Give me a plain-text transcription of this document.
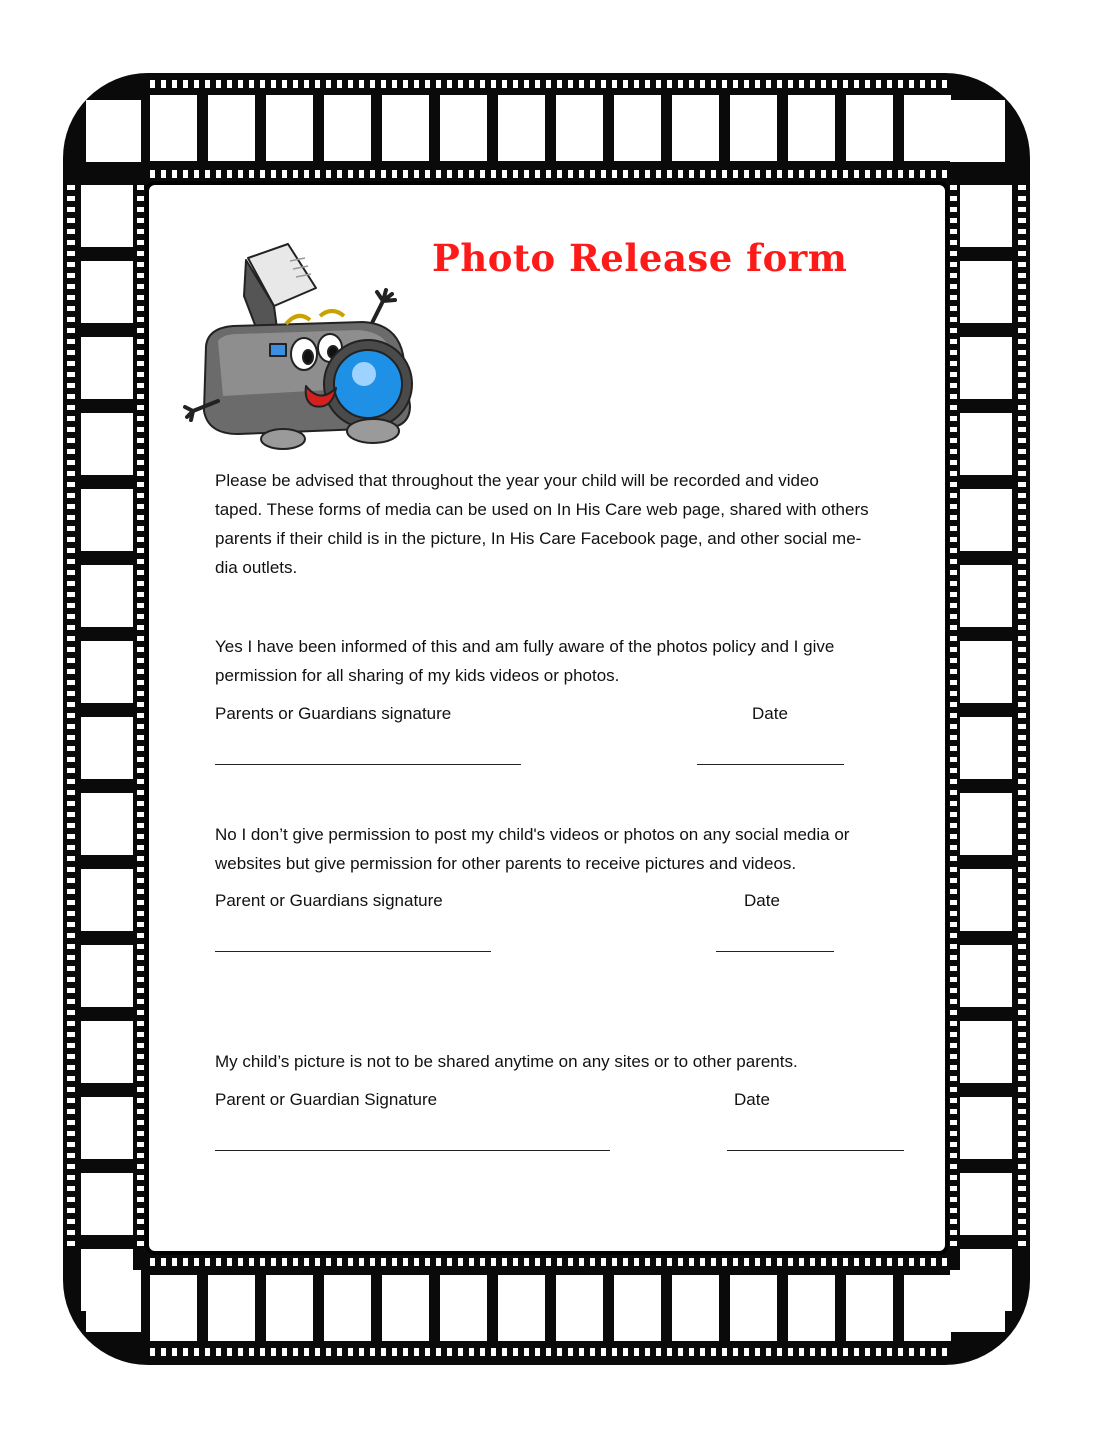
Photo Release form

Please be advised that throughout the year your child will be recorded and video

taped. These forms of media can be used on In His Care web page, shared with others

parents if their child is in the picture, In His Care Facebook page, and other social me-

dia outlets.

Yes I have been informed of this and am fully aware of the photos policy and I give

permission for all sharing of my kids videos or photos.

Parents or Guardians signature	Date

No I don’t give permission to post my child's videos or photos on any social media or

websites but give permission for other parents to receive pictures and videos.

Parent or Guardians signature	Date

My child’s picture is not to be shared anytime on any sites or to other parents.

Parent or Guardian Signature	Date
